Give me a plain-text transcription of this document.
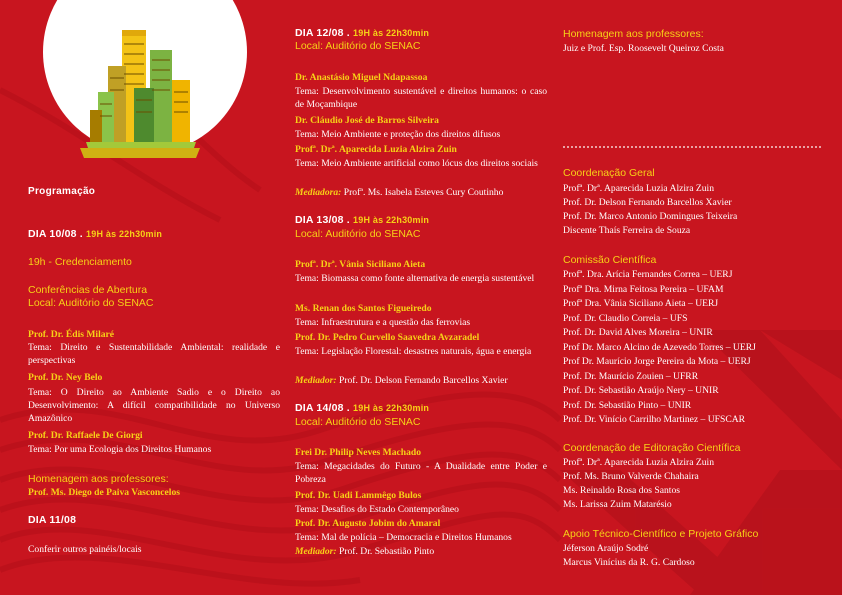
Programação
DIA 10/08 . 19H às 22h30min
19h - Credenciamento
Conferências de Abertura
Local: Auditório do SENAC
Prof. Dr. Édis Milaré
Tema: Direito e Sustentabilidade Ambiental: realidade e perspectivas
Prof. Dr. Ney Belo
Tema: O Direito ao Ambiente Sadio e o Direito ao Desenvolvimento: A difícil compatibilidade no Universo Amazônico
Prof. Dr. Raffaele De Giorgi
Tema: Por uma Ecologia dos Direitos Humanos
Homenagem aos professores:
Prof. Ms. Diego de Paiva Vasconcelos
DIA 11/08
Conferir outros painéis/locais
DIA 12/08 . 19H às 22h30min
Local: Auditório do SENAC
Dr. Anastásio Miguel Ndapassoa
Tema: Desenvolvimento sustentável e direitos humanos: o caso de Moçambique
Dr. Cláudio José de Barros Silveira
Tema: Meio Ambiente e proteção dos direitos difusos
Profª. Drª. Aparecida Luzia Alzira Zuin
Tema: Meio Ambiente artificial como lócus dos direitos sociais
Mediadora: Profª. Ms. Isabela Esteves Cury Coutinho
DIA 13/08 . 19H às 22h30min
Local: Auditório do SENAC
Profª. Drª. Vânia Siciliano Aieta
Tema: Biomassa como fonte alternativa de energia sustentável
Ms. Renan dos Santos Figueiredo
Tema: Infraestrutura e a questão das ferrovias
Prof. Dr. Pedro Curvello Saavedra Avzaradel
Tema: Legislação Florestal: desastres naturais, água e energia
Mediador: Prof. Dr. Delson Fernando Barcellos Xavier
DIA 14/08 . 19H às 22h30min
Local: Auditório do SENAC
Frei Dr. Philip Neves Machado
Tema: Megacidades do Futuro - A Dualidade entre Poder e Pobreza
Prof. Dr. Uadi Lammêgo Bulos
Tema: Desafios do Estado Contemporâneo
Prof. Dr. Augusto Jobim do Amaral
Tema: Mal de polícia – Democracia e Direitos Humanos
Mediador: Prof. Dr. Sebastião Pinto
Homenagem aos professores:
Juiz e Prof. Esp. Roosevelt Queiroz Costa
Coordenação Geral
Profª. Drª. Aparecida Luzia Alzira Zuin
Prof. Dr. Delson Fernando Barcellos Xavier
Prof. Dr. Marco Antonio Domingues Teixeira
Discente Thaís Ferreira de Souza
Comissão Científica
Profª. Dra. Arícia Fernandes Correa – UERJ
Profª Dra. Mirna Feitosa Pereira – UFAM
Profª Dra. Vânia Siciliano Aieta – UERJ
Prof. Dr. Claudio Correia – UFS
Prof. Dr. David Alves Moreira – UNIR
Prof Dr. Marco Alcino de Azevedo Torres – UERJ
Prof Dr. Maurício Jorge Pereira da Mota – UERJ
Prof. Dr. Maurício Zouien – UFRR
Prof. Dr. Sebastião Araújo Nery – UNIR
Prof. Dr. Sebastião Pinto – UNIR
Prof. Dr. Vinício Carrilho Martinez – UFSCAR
Coordenação de Editoração Científica
Profª. Drª. Aparecida Luzia Alzira Zuin
Prof. Ms. Bruno Valverde Chahaira
Ms. Reinaldo Rosa dos Santos
Ms. Larissa Zuim Matarésio
Apoio Técnico-Científico e Projeto Gráfico
Jéferson Araújo Sodré
Marcus Vinícius da R. G. Cardoso
